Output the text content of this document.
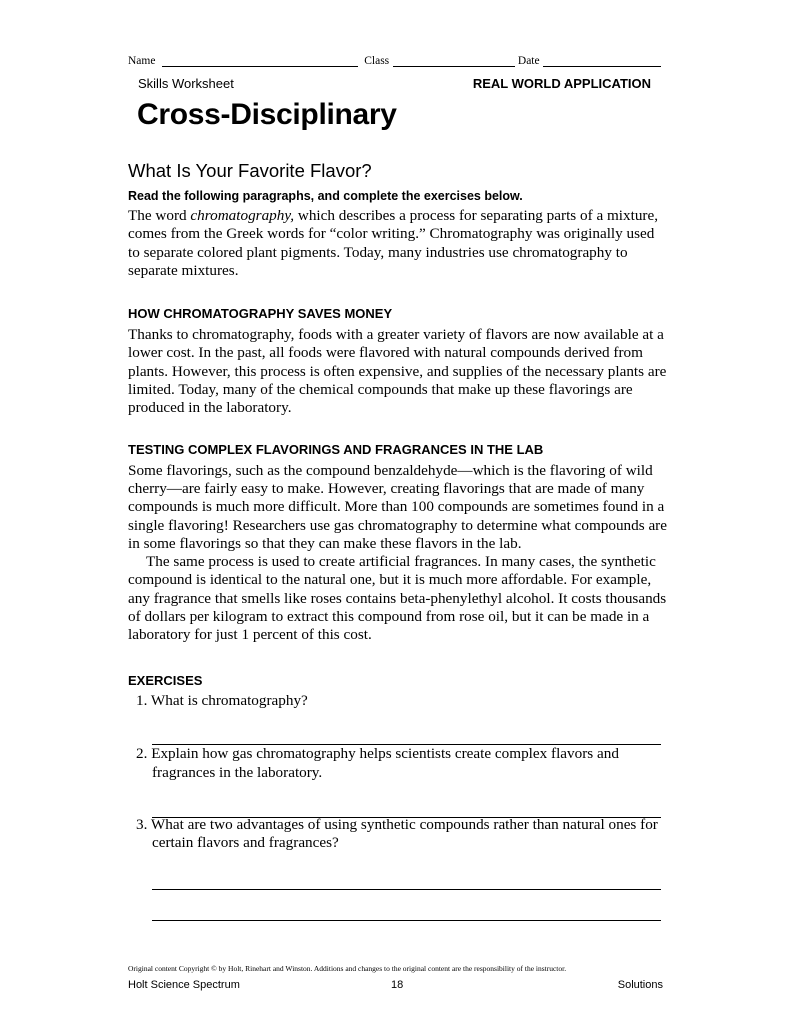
Name	Class	Date
Skills Worksheet	REAL WORLD APPLICATION
Cross-Disciplinary
What Is Your Favorite Flavor?

Read the following paragraphs, and complete the exercises below.

The word chromatography, which describes a process for separating parts of a mixture, comes from the Greek words for “color writing.” Chromatography was originally used to separate colored plant pigments. Today, many industries use chromatography to separate mixtures.

HOW CHROMATOGRAPHY SAVES MONEY

Thanks to chromatography, foods with a greater variety of flavors are now available at a lower cost. In the past, all foods were flavored with natural compounds derived from plants. However, this process is often expensive, and supplies of the necessary plants are limited. Today, many of the chemical compounds that make up these flavorings are produced in the laboratory.

TESTING COMPLEX FLAVORINGS AND FRAGRANCES IN THE LAB

Some flavorings, such as the compound benzaldehyde—which is the flavoring of wild cherry—are fairly easy to make. However, creating flavorings that are made of many compounds is much more difficult. More than 100 compounds are sometimes found in a single flavoring! Researchers use gas chromatography to determine what compounds are in some flavorings so that they can make these flavors in the lab.

The same process is used to create artificial fragrances. In many cases, the synthetic compound is identical to the natural one, but it is much more affordable. For example, any fragrance that smells like roses contains beta-phenylethyl alcohol. It costs thousands of dollars per kilogram to extract this compound from rose oil, but it can be made in a laboratory for just 1 percent of this cost.

EXERCISES

1. What is chromatography?

2. Explain how gas chromatography helps scientists create complex flavors and fragrances in the laboratory.

3. What are two advantages of using synthetic compounds rather than natural ones for certain flavors and fragrances?

Original content Copyright © by Holt, Rinehart and Winston. Additions and changes to the original content are the responsibility of the instructor.
Holt Science Spectrum	18	Solutions
